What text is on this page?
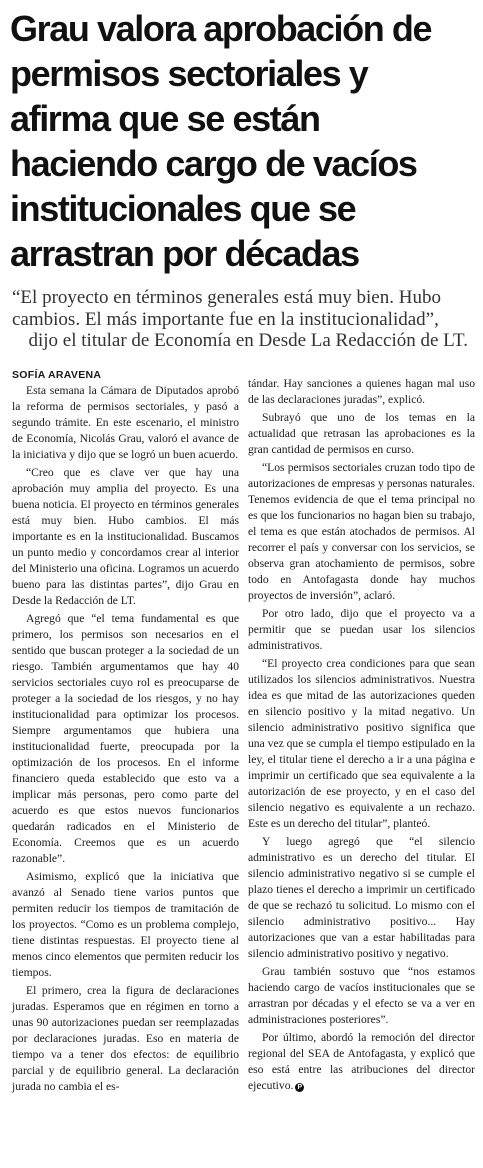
Grau valora aprobación de
permisos sectoriales y
afirma que se están
haciendo cargo de vacíos
institucionales que se
arrastran por décadas
“El proyecto en términos generales está muy bien. Hubo
cambios. El más importante fue en la institucionalidad”,
dijo el titular de Economía en Desde La Redacción de LT.
SOFÍA ARAVENA

Esta semana la Cámara de Diputados aprobó la reforma de permisos sectoriales, y pasó a segundo trámite. En este escenario, el ministro de Economía, Nicolás Grau, valoró el avance de la iniciativa y dijo que se logró un buen acuerdo.

“Creo que es clave ver que hay una aprobación muy amplia del proyecto. Es una buena noticia. El proyecto en términos generales está muy bien. Hubo cambios. El más importante es en la institucionalidad. Buscamos un punto medio y concordamos crear al interior del Ministerio una oficina. Logramos un acuerdo bueno para las distintas partes”, dijo Grau en Desde la Redacción de LT.

Agregó que “el tema fundamental es que primero, los permisos son necesarios en el sentido que buscan proteger a la sociedad de un riesgo. También argumentamos que hay 40 servicios sectoriales cuyo rol es preocuparse de proteger a la sociedad de los riesgos, y no hay institucionalidad para optimizar los procesos. Siempre argumentamos que hubiera una institucionalidad fuerte, preocupada por la optimización de los procesos. En el informe financiero queda establecido que esto va a implicar más personas, pero como parte del acuerdo es que estos nuevos funcionarios quedarán radicados en el Ministerio de Economía. Creemos que es un acuerdo razonable”.

Asimismo, explicó que la iniciativa que avanzó al Senado tiene varios puntos que permiten reducir los tiempos de tramitación de los proyectos. “Como es un problema complejo, tiene distintas respuestas. El proyecto tiene al menos cinco elementos que permiten reducir los tiempos.

El primero, crea la figura de declaraciones juradas. Esperamos que en régimen en torno a unas 90 autorizaciones puedan ser reemplazadas por declaraciones juradas. Eso en materia de tiempo va a tener dos efectos: de equilibrio parcial y de equilibrio general. La declaración jurada no cambia el es-

tándar. Hay sanciones a quienes hagan mal uso de las declaraciones juradas”, explicó.

Subrayó que uno de los temas en la actualidad que retrasan las aprobaciones es la gran cantidad de permisos en curso.

“Los permisos sectoriales cruzan todo tipo de autorizaciones de empresas y personas naturales. Tenemos evidencia de que el tema principal no es que los funcionarios no hagan bien su trabajo, el tema es que están atochados de permisos. Al recorrer el país y conversar con los servicios, se observa gran atochamiento de permisos, sobre todo en Antofagasta donde hay muchos proyectos de inversión”, aclaró.

Por otro lado, dijo que el proyecto va a permitir que se puedan usar los silencios administrativos.

“El proyecto crea condiciones para que sean utilizados los silencios administrativos. Nuestra idea es que mitad de las autorizaciones queden en silencio positivo y la mitad negativo. Un silencio administrativo positivo significa que una vez que se cumpla el tiempo estipulado en la ley, el titular tiene el derecho a ir a una página e imprimir un certificado que sea equivalente a la autorización de ese proyecto, y en el caso del silencio negativo es equivalente a un rechazo. Este es un derecho del titular”, planteó.

Y luego agregó que “el silencio administrativo es un derecho del titular. El silencio administrativo negativo si se cumple el plazo tienes el derecho a imprimir un certificado de que se rechazó tu solicitud. Lo mismo con el silencio administrativo positivo... Hay autorizaciones que van a estar habilitadas para silencio administrativo positivo y negativo.

Grau también sostuvo que “nos estamos haciendo cargo de vacíos institucionales que se arrastran por décadas y el efecto se va a ver en administraciones posteriores”.

Por último, abordó la remoción del director regional del SEA de Antofagasta, y explicó que eso está entre las atribuciones del director ejecutivo. P
